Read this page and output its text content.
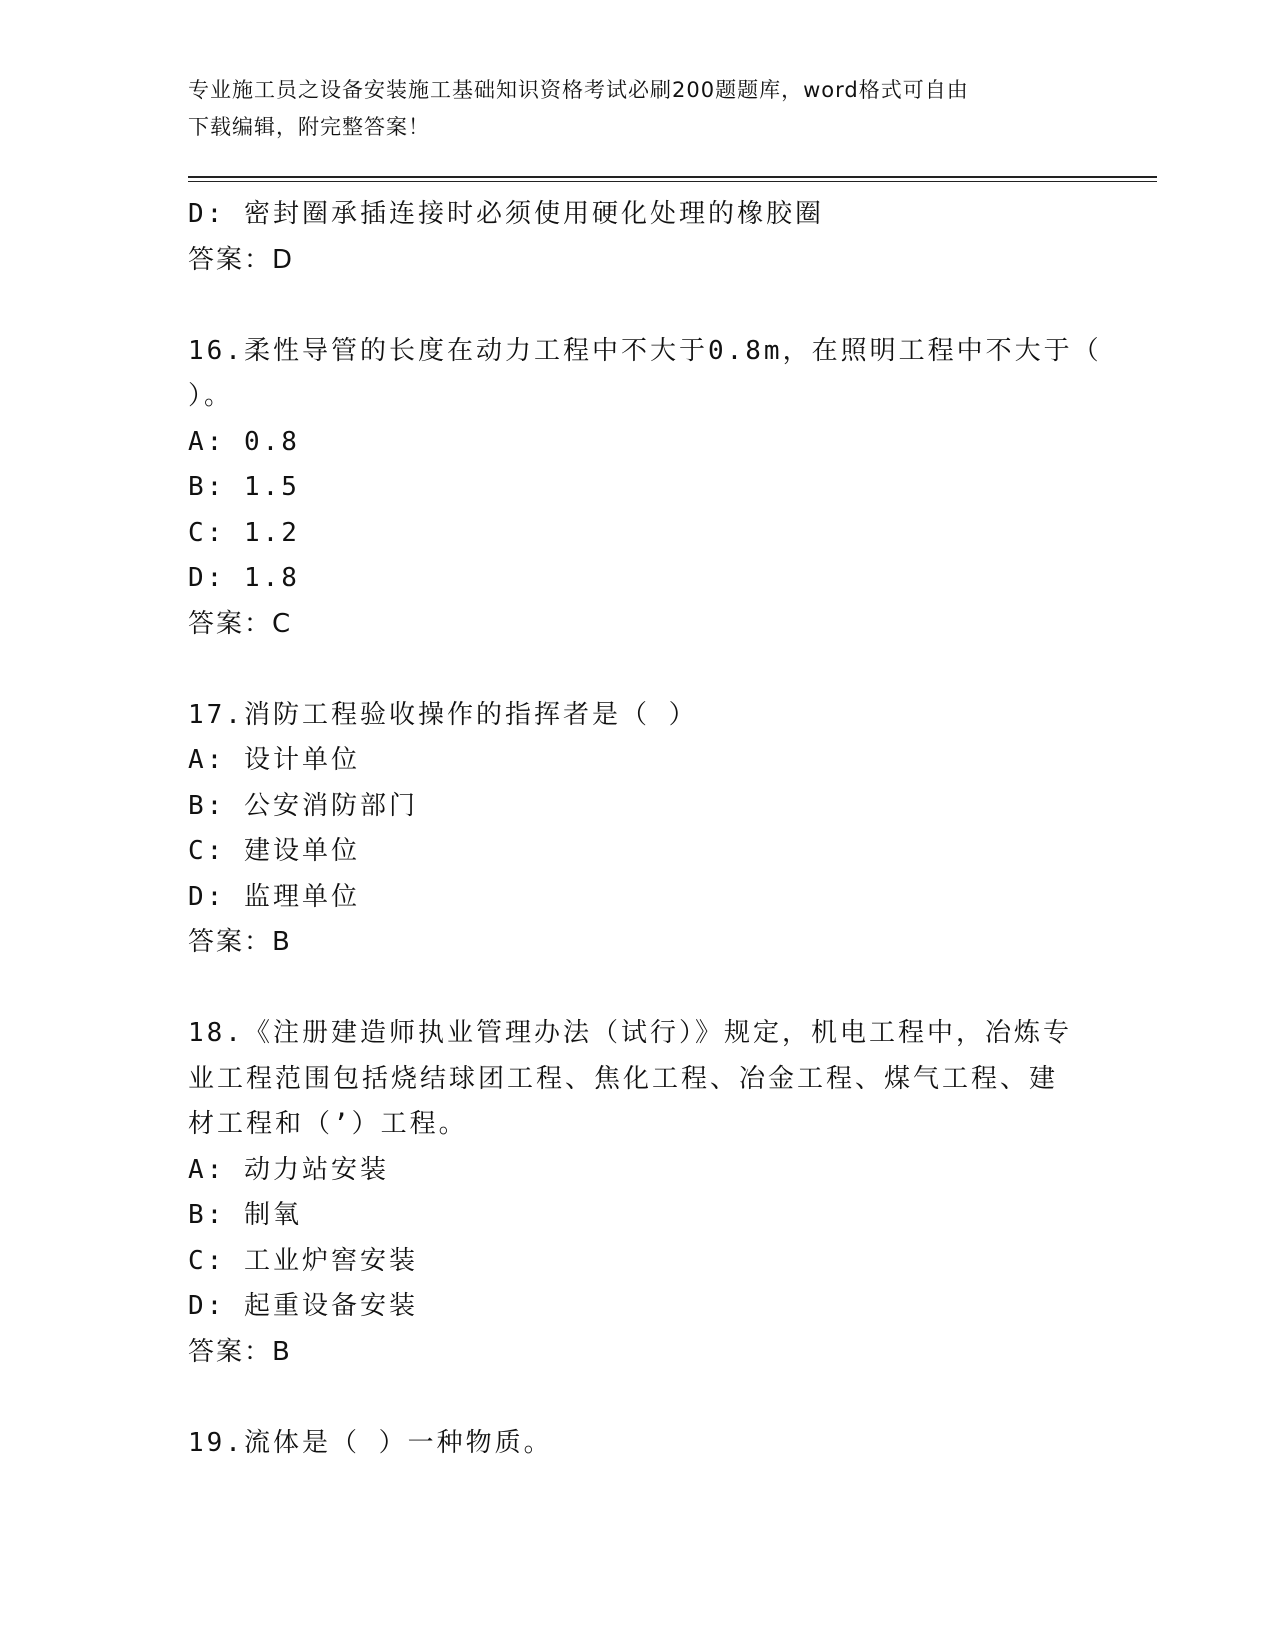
专业施工员之设备安装施工基础知识资格考试必刷200题题库，word格式可自由
下载编辑，附完整答案！
D: 密封圈承插连接时必须使用硬化处理的橡胶圈
答案：D
16.柔性导管的长度在动力工程中不大于0.8m，在照明工程中不大于（
）。
A: 0.8
B: 1.5
C: 1.2
D: 1.8
答案：C
17.消防工程验收操作的指挥者是（ ）
A: 设计单位
B: 公安消防部门
C: 建设单位
D: 监理单位
答案：B
18.《注册建造师执业管理办法（试行）》规定，机电工程中，冶炼专
业工程范围包括烧结球团工程、焦化工程、冶金工程、煤气工程、建
材工程和（’）工程。
A: 动力站安装
B: 制氧
C: 工业炉窖安装
D: 起重设备安装
答案：B
19.流体是（ ）一种物质。
